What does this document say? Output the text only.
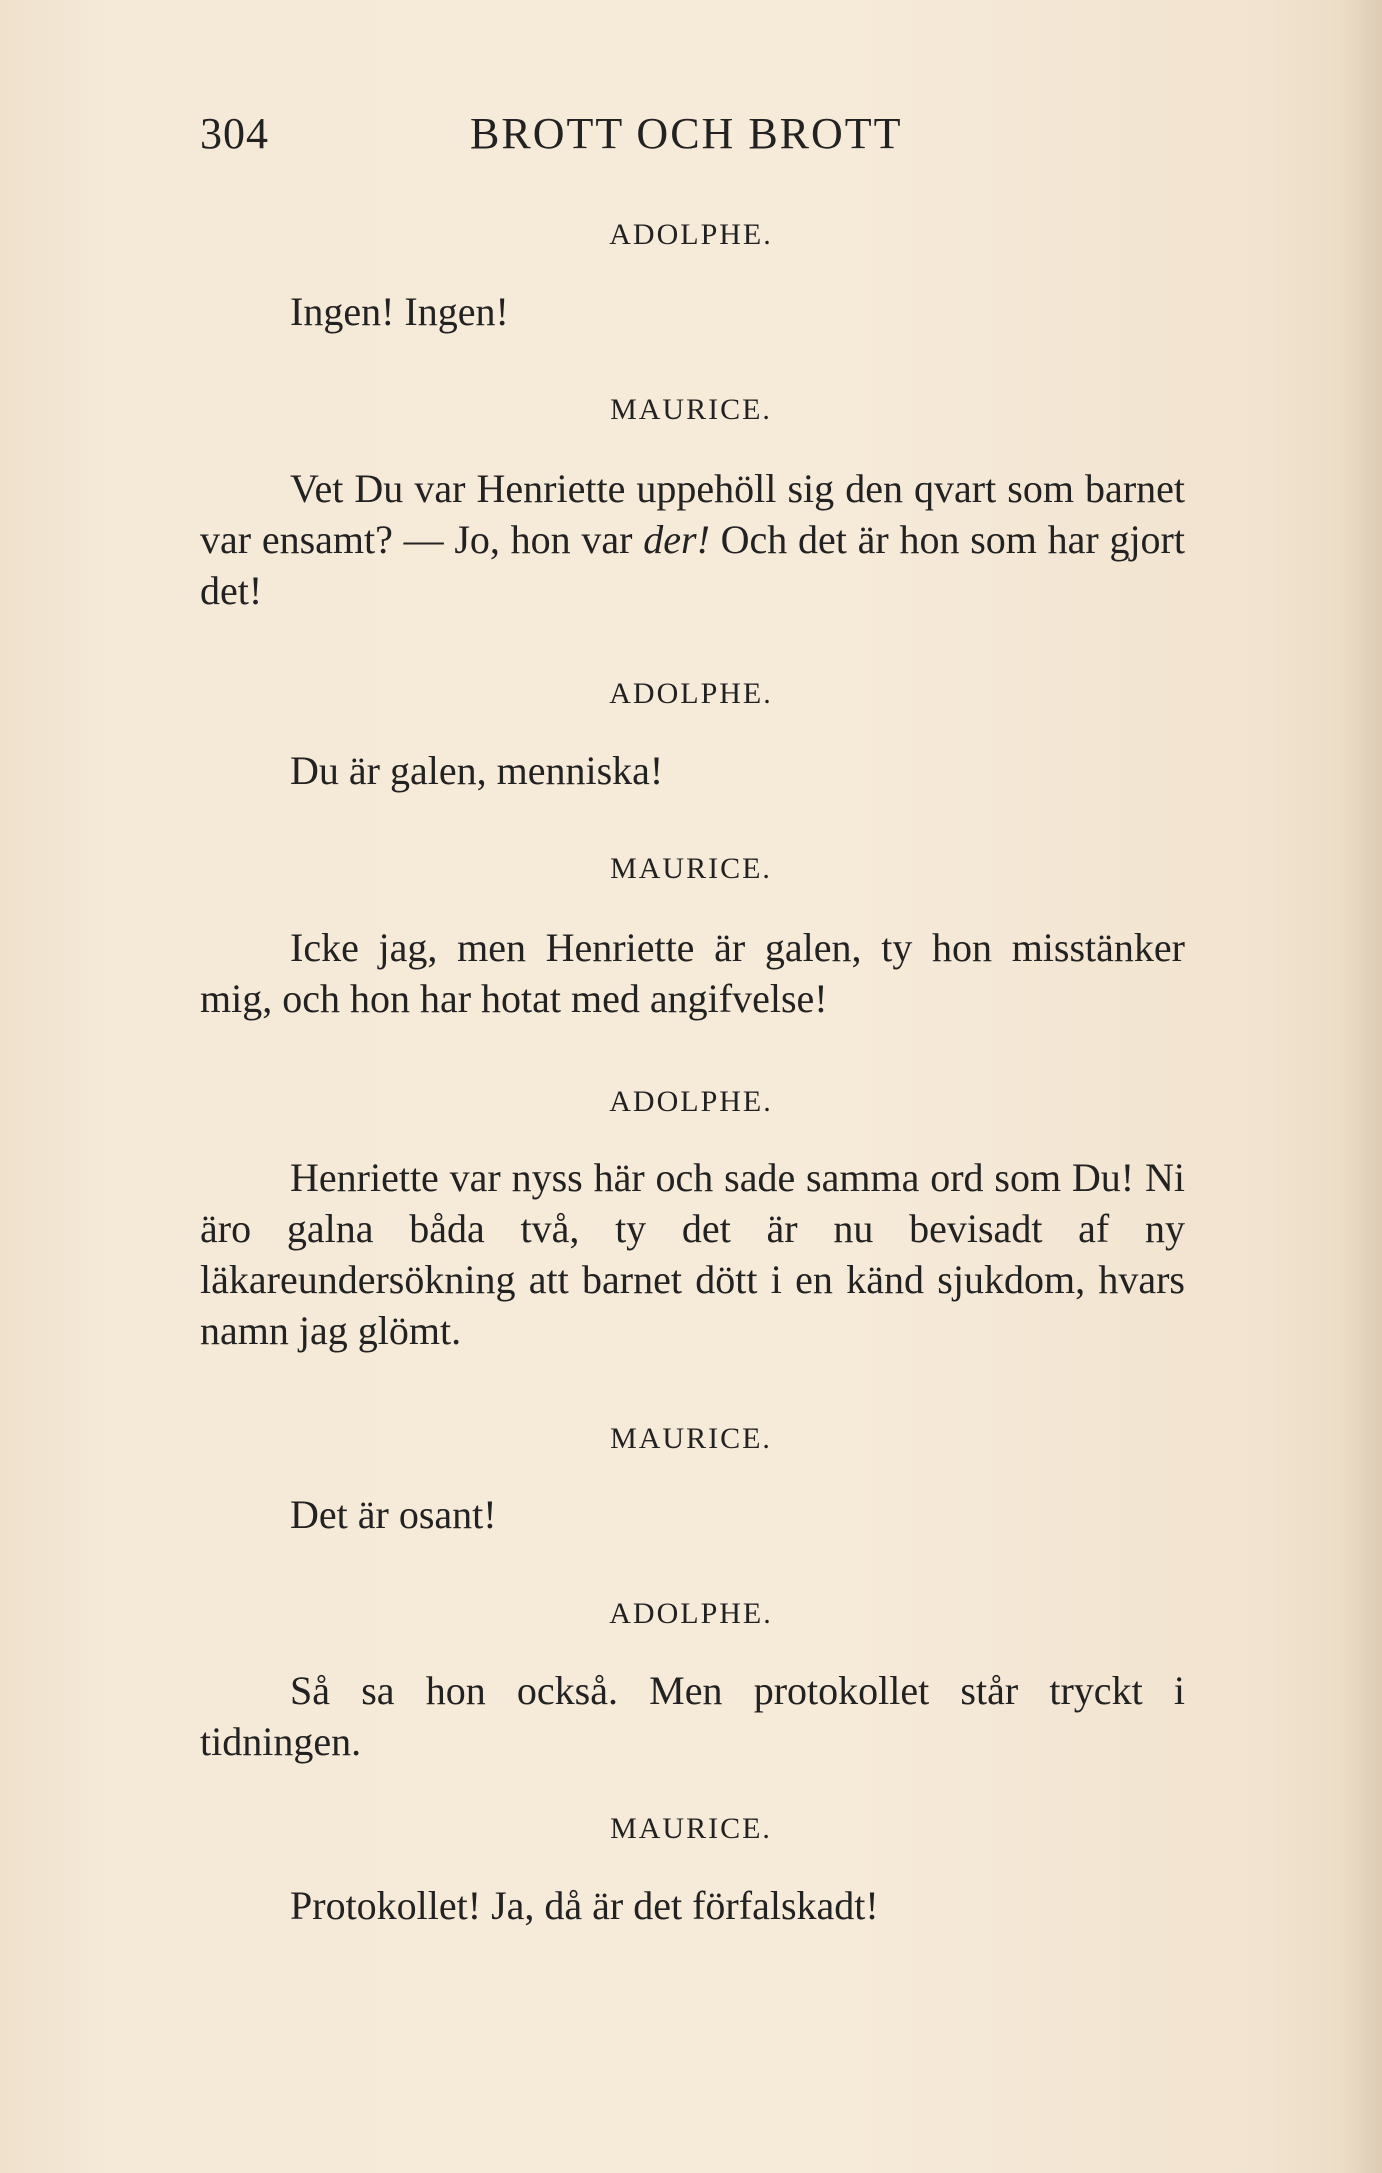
304	BROTT OCH BROTT
ADOLPHE.
Ingen! Ingen!
MAURICE.
Vet Du var Henriette uppehöll sig den qvart som barnet var ensamt? — Jo, hon var der! Och det är hon som har gjort det!
ADOLPHE.
Du är galen, menniska!
MAURICE.
Icke jag, men Henriette är galen, ty hon misstänker mig, och hon har hotat med angifvelse!
ADOLPHE.
Henriette var nyss här och sade samma ord som Du! Ni äro galna båda två, ty det är nu bevisadt af ny läkareundersökning att barnet dött i en känd sjukdom, hvars namn jag glömt.
MAURICE.
Det är osant!
ADOLPHE.
Så sa hon också. Men protokollet står tryckt i tidningen.
MAURICE.
Protokollet! Ja, då är det förfalskadt!
